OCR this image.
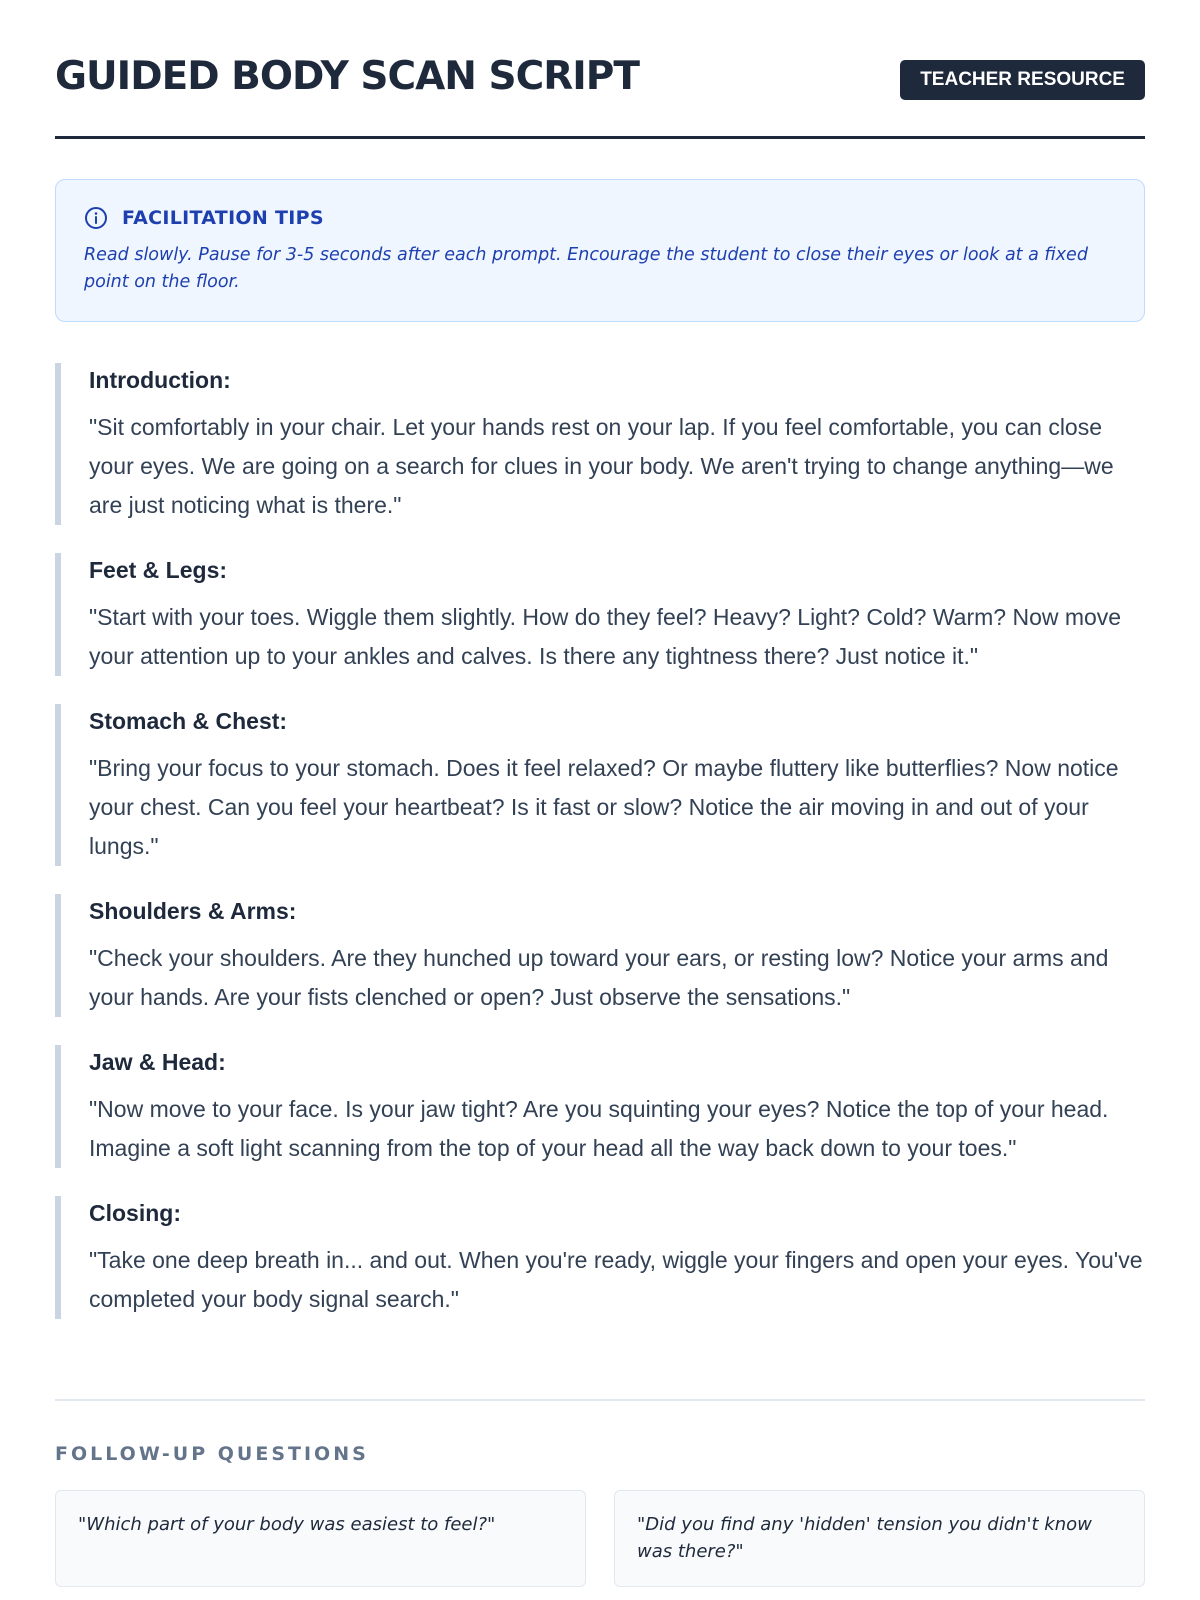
GUIDED BODY SCAN SCRIPT	TEACHER RESOURCE
FACILITATION TIPS
Read slowly. Pause for 3-5 seconds after each prompt. Encourage the student to close their eyes or look at a fixed point on the floor.
Introduction:
"Sit comfortably in your chair. Let your hands rest on your lap. If you feel comfortable, you can close your eyes. We are going on a search for clues in your body. We aren't trying to change anything—we are just noticing what is there."
Feet & Legs:
"Start with your toes. Wiggle them slightly. How do they feel? Heavy? Light? Cold? Warm? Now move your attention up to your ankles and calves. Is there any tightness there? Just notice it."
Stomach & Chest:
"Bring your focus to your stomach. Does it feel relaxed? Or maybe fluttery like butterflies? Now notice your chest. Can you feel your heartbeat? Is it fast or slow? Notice the air moving in and out of your lungs."
Shoulders & Arms:
"Check your shoulders. Are they hunched up toward your ears, or resting low? Notice your arms and your hands. Are your fists clenched or open? Just observe the sensations."
Jaw & Head:
"Now move to your face. Is your jaw tight? Are you squinting your eyes? Notice the top of your head. Imagine a soft light scanning from the top of your head all the way back down to your toes."
Closing:
"Take one deep breath in... and out. When you're ready, wiggle your fingers and open your eyes. You've completed your body signal search."
FOLLOW-UP QUESTIONS
"Which part of your body was easiest to feel?"	"Did you find any 'hidden' tension you didn't know was there?"
